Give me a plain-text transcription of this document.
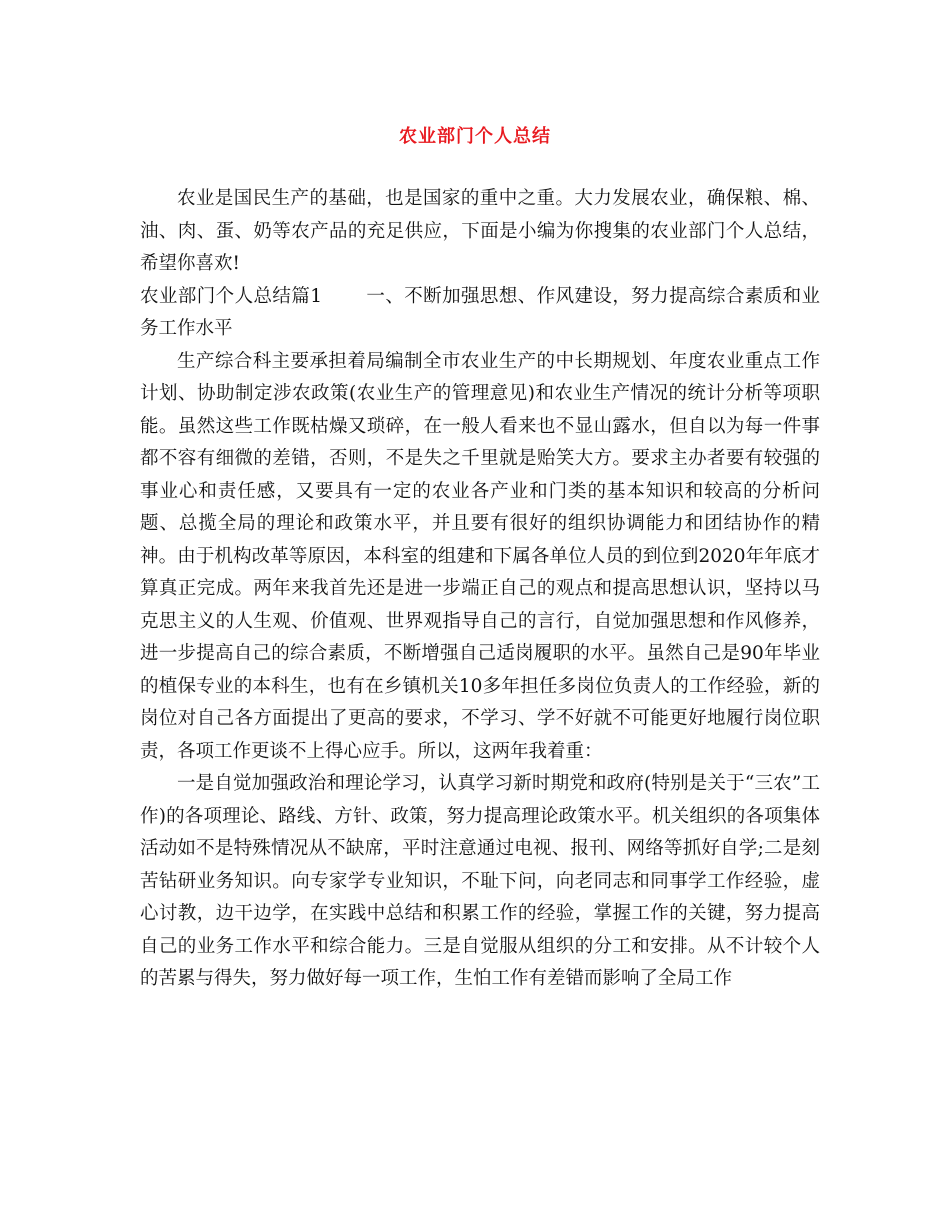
农业部门个人总结

农业是国民生产的基础，也是国家的重中之重。大力发展农业，确保粮、棉、油、肉、蛋、奶等农产品的充足供应，下面是小编为你搜集的农业部门个人总结，希望你喜欢!

农业部门个人总结篇1 一、不断加强思想、作风建设，努力提高综合素质和业务工作水平

生产综合科主要承担着局编制全市农业生产的中长期规划、年度农业重点工作计划、协助制定涉农政策(农业生产的管理意见)和农业生产情况的统计分析等项职能。虽然这些工作既枯燥又琐碎，在一般人看来也不显山露水，但自以为每一件事都不容有细微的差错，否则，不是失之千里就是贻笑大方。要求主办者要有较强的事业心和责任感，又要具有一定的农业各产业和门类的基本知识和较高的分析问题、总揽全局的理论和政策水平，并且要有很好的组织协调能力和团结协作的精神。由于机构改革等原因，本科室的组建和下属各单位人员的到位到2020年年底才算真正完成。两年来我首先还是进一步端正自己的观点和提高思想认识，坚持以马克思主义的人生观、价值观、世界观指导自己的言行，自觉加强思想和作风修养，进一步提高自己的综合素质，不断增强自己适岗履职的水平。虽然自己是90年毕业的植保专业的本科生，也有在乡镇机关10多年担任多岗位负责人的工作经验，新的岗位对自己各方面提出了更高的要求，不学习、学不好就不可能更好地履行岗位职责，各项工作更谈不上得心应手。所以，这两年我着重：

一是自觉加强政治和理论学习，认真学习新时期党和政府(特别是关于“三农”工作)的各项理论、路线、方针、政策，努力提高理论政策水平。机关组织的各项集体活动如不是特殊情况从不缺席，平时注意通过电视、报刊、网络等抓好自学;二是刻苦钻研业务知识。向专家学专业知识，不耻下问，向老同志和同事学工作经验，虚心讨教，边干边学，在实践中总结和积累工作的经验，掌握工作的关键，努力提高自己的业务工作水平和综合能力。三是自觉服从组织的分工和安排。从不计较个人的苦累与得失，努力做好每一项工作，生怕工作有差错而影响了全局工作
